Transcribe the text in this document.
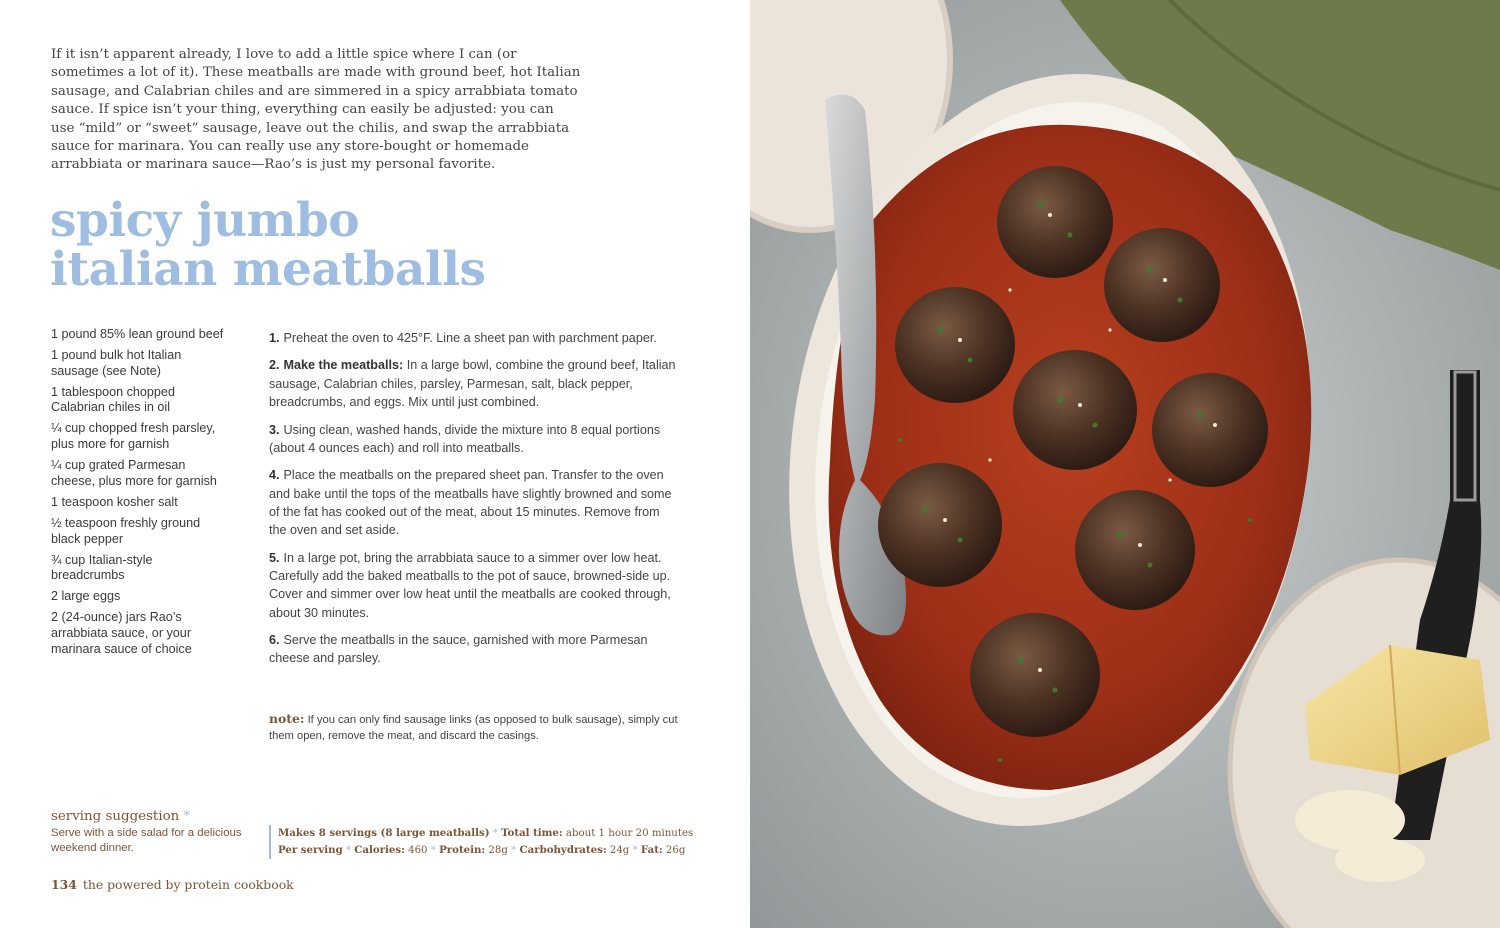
If it isn’t apparent already, I love to add a little spice where I can (or sometimes a lot of it). These meatballs are made with ground beef, hot Italian sausage, and Calabrian chiles and are simmered in a spicy arrabbiata tomato sauce. If spice isn’t your thing, everything can easily be adjusted: you can use “mild” or “sweet” sausage, leave out the chilis, and swap the arrabbiata sauce for marinara. You can really use any store-bought or homemade arrabbiata or marinara sauce—Rao’s is just my personal favorite.

spicy jumbo
italian meatballs
1 pound 85% lean ground beef
1 pound bulk hot Italian sausage (see Note)
1 tablespoon chopped Calabrian chiles in oil
¼ cup chopped fresh parsley, plus more for garnish
¼ cup grated Parmesan cheese, plus more for garnish
1 teaspoon kosher salt
½ teaspoon freshly ground black pepper
¾ cup Italian-style breadcrumbs
2 large eggs
2 (24-ounce) jars Rao’s arrabbiata sauce, or your marinara sauce of choice
1. Preheat the oven to 425°F. Line a sheet pan with parchment paper.
2. Make the meatballs: In a large bowl, combine the ground beef, Italian sausage, Calabrian chiles, parsley, Parmesan, salt, black pepper, breadcrumbs, and eggs. Mix until just combined.
3. Using clean, washed hands, divide the mixture into 8 equal portions (about 4 ounces each) and roll into meatballs.
4. Place the meatballs on the prepared sheet pan. Transfer to the oven and bake until the tops of the meatballs have slightly browned and some of the fat has cooked out of the meat, about 15 minutes. Remove from the oven and set aside.
5. In a large pot, bring the arrabbiata sauce to a simmer over low heat. Carefully add the baked meatballs to the pot of sauce, browned-side up. Cover and simmer over low heat until the meatballs are cooked through, about 30 minutes.
6. Serve the meatballs in the sauce, garnished with more Parmesan cheese and parsley.

note: If you can only find sausage links (as opposed to bulk sausage), simply cut them open, remove the meat, and discard the casings.

serving suggestion *
Serve with a side salad for a delicious weekend dinner.
Makes 8 servings (8 large meatballs) * Total time: about 1 hour 20 minutes
Per serving * Calories: 460 * Protein: 28g * Carbohydrates: 24g * Fat: 26g
134 the powered by protein cookbook
